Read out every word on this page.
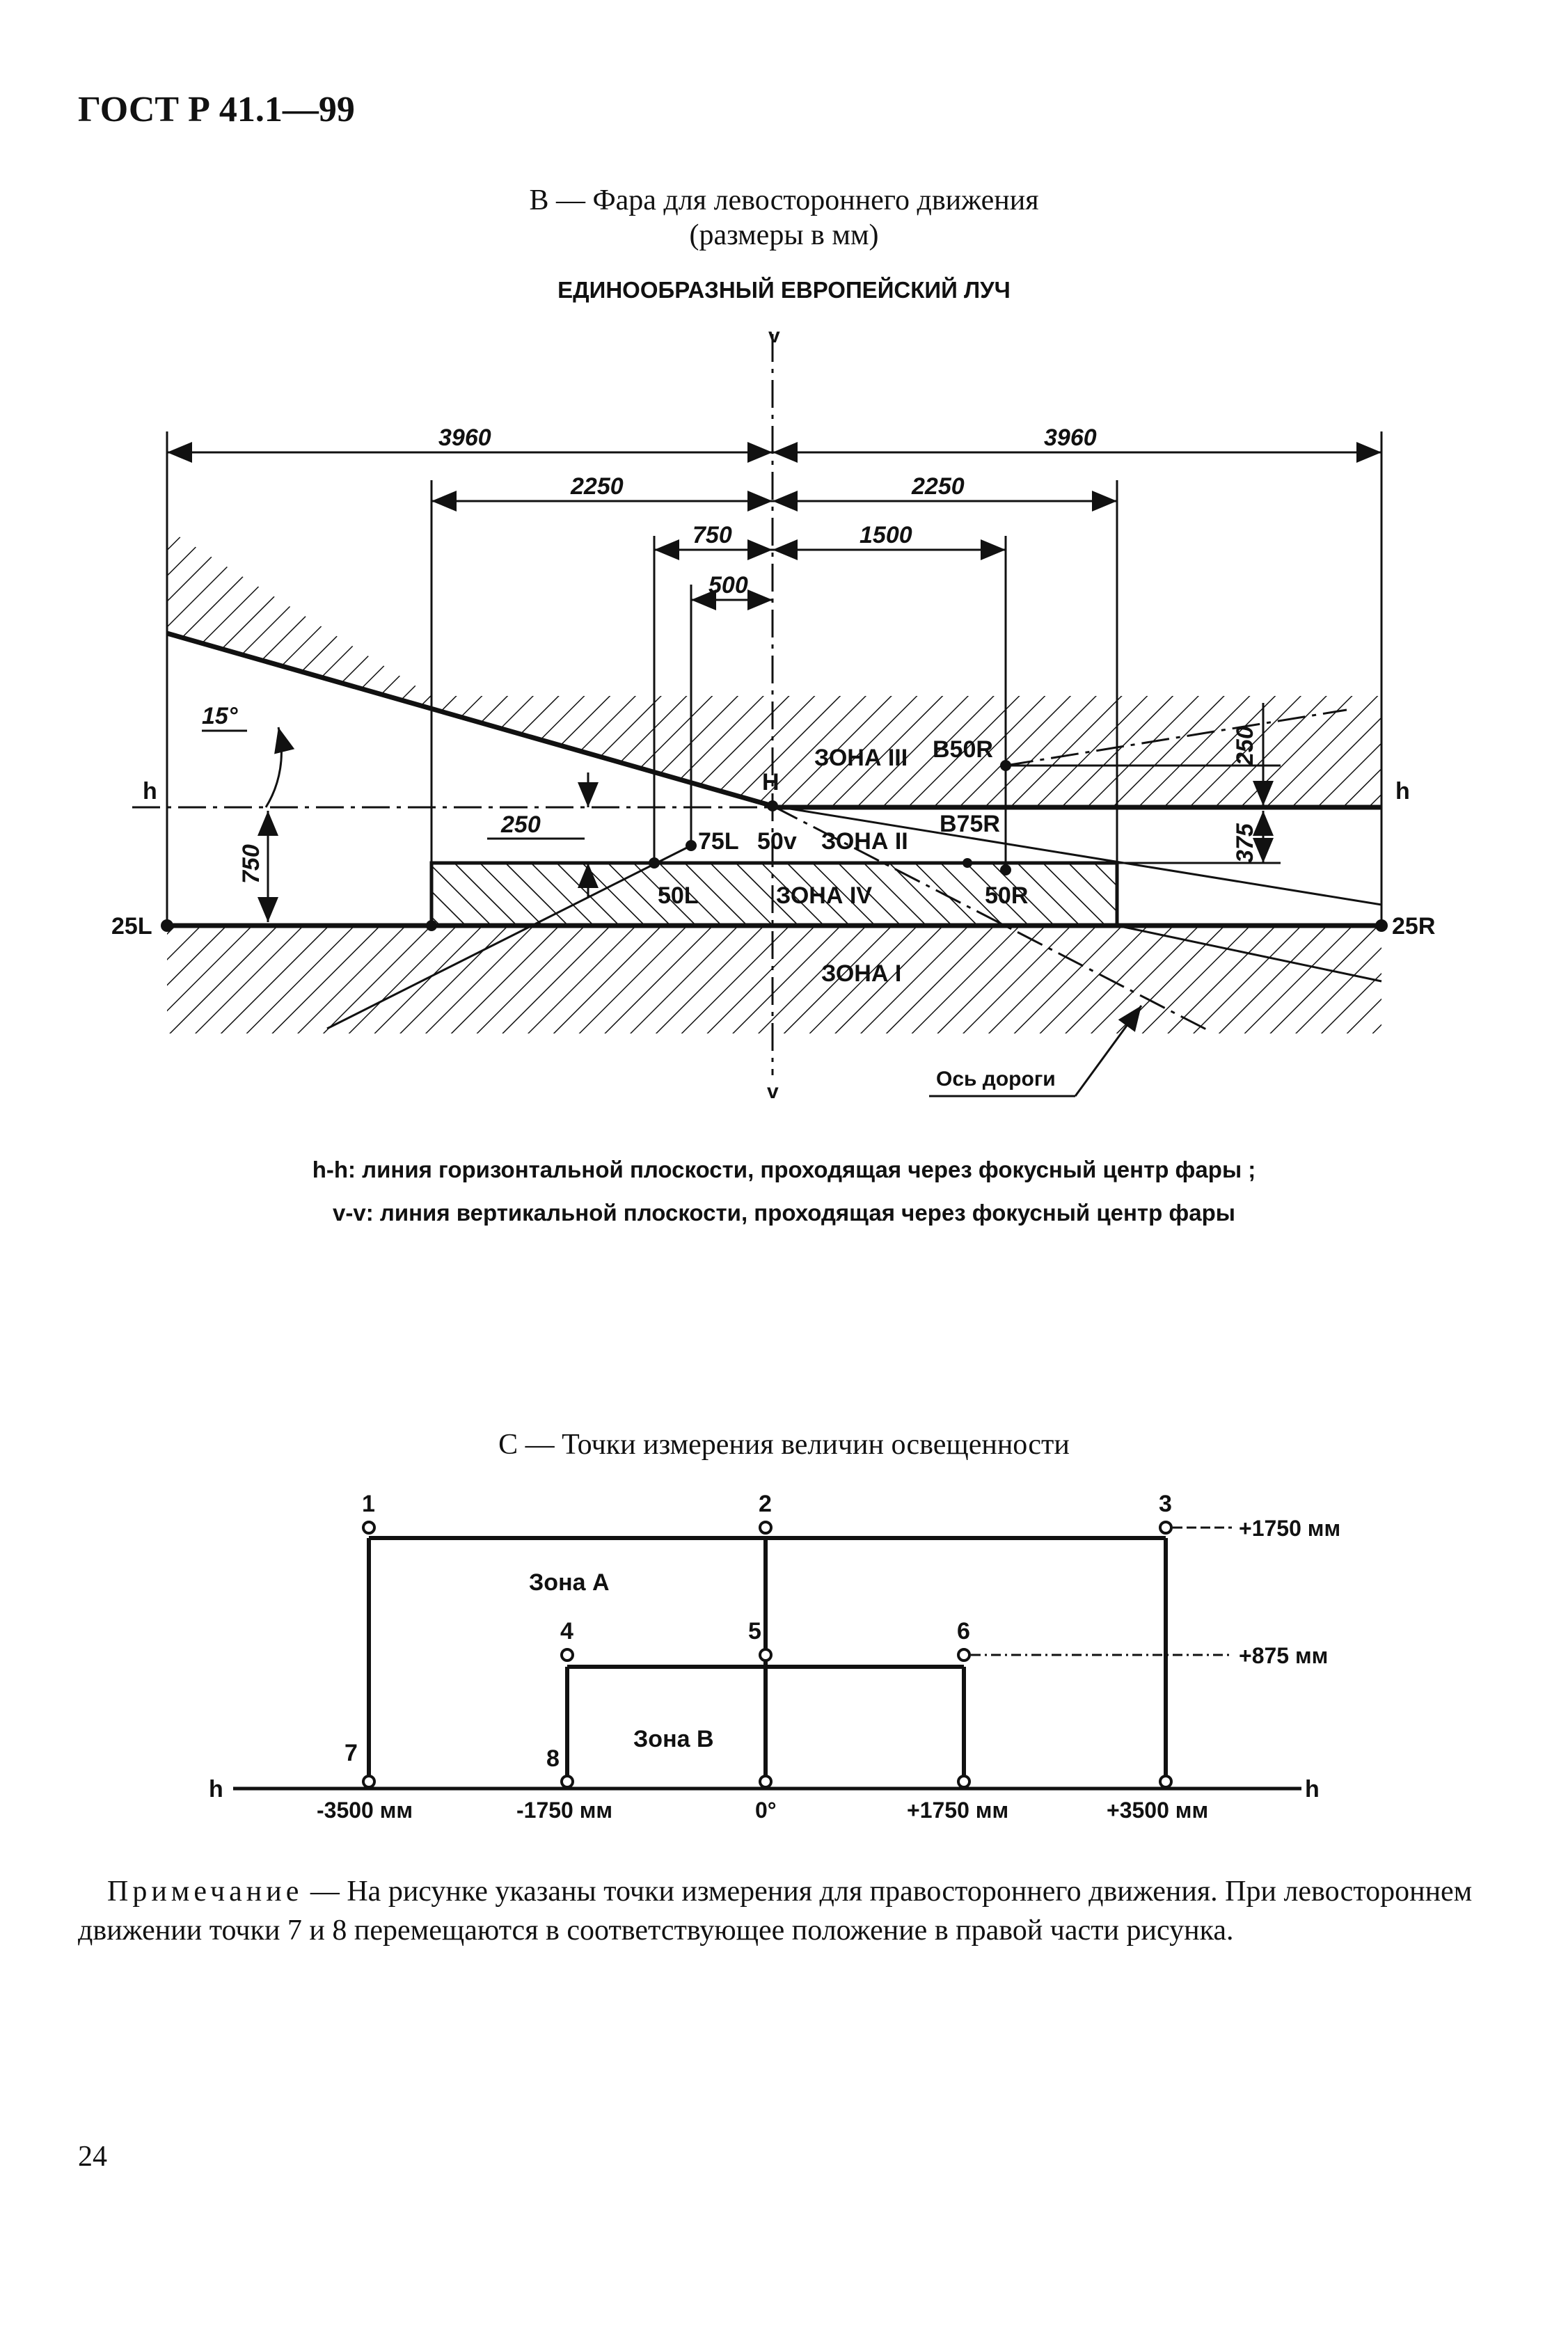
ГОСТ Р 41.1—99
В — Фара для левостороннего движения
(размеры в мм)
ЕДИНООБРАЗНЫЙ ЕВРОПЕЙСКИЙ ЛУЧ
v
v
h	h
3960	3960
2250	2250
750	1500
500
15°
750
250
250
375
25L	25R
H
B50R
B75R
75L 50v
50L	50R
ЗОНА III
ЗОНА II
ЗОНА IV
ЗОНА I
Ось дороги
1	2	3
4	5	6
7	8
Зона А
Зона В
+1750 мм
+875 мм
h	h
-3500 мм	-1750 мм	0°	+1750 мм	+3500 мм
h-h: линия горизонтальной плоскости, проходящая через фокусный центр фары ;
v-v: линия вертикальной плоскости, проходящая через фокусный центр фары
С — Точки измерения величин освещенности
Примечание — На рисунке указаны точки измерения для правостороннего движения. При левостороннем движении точки 7 и 8 перемещаются в соответствующее положение в правой части рисунка.
24
